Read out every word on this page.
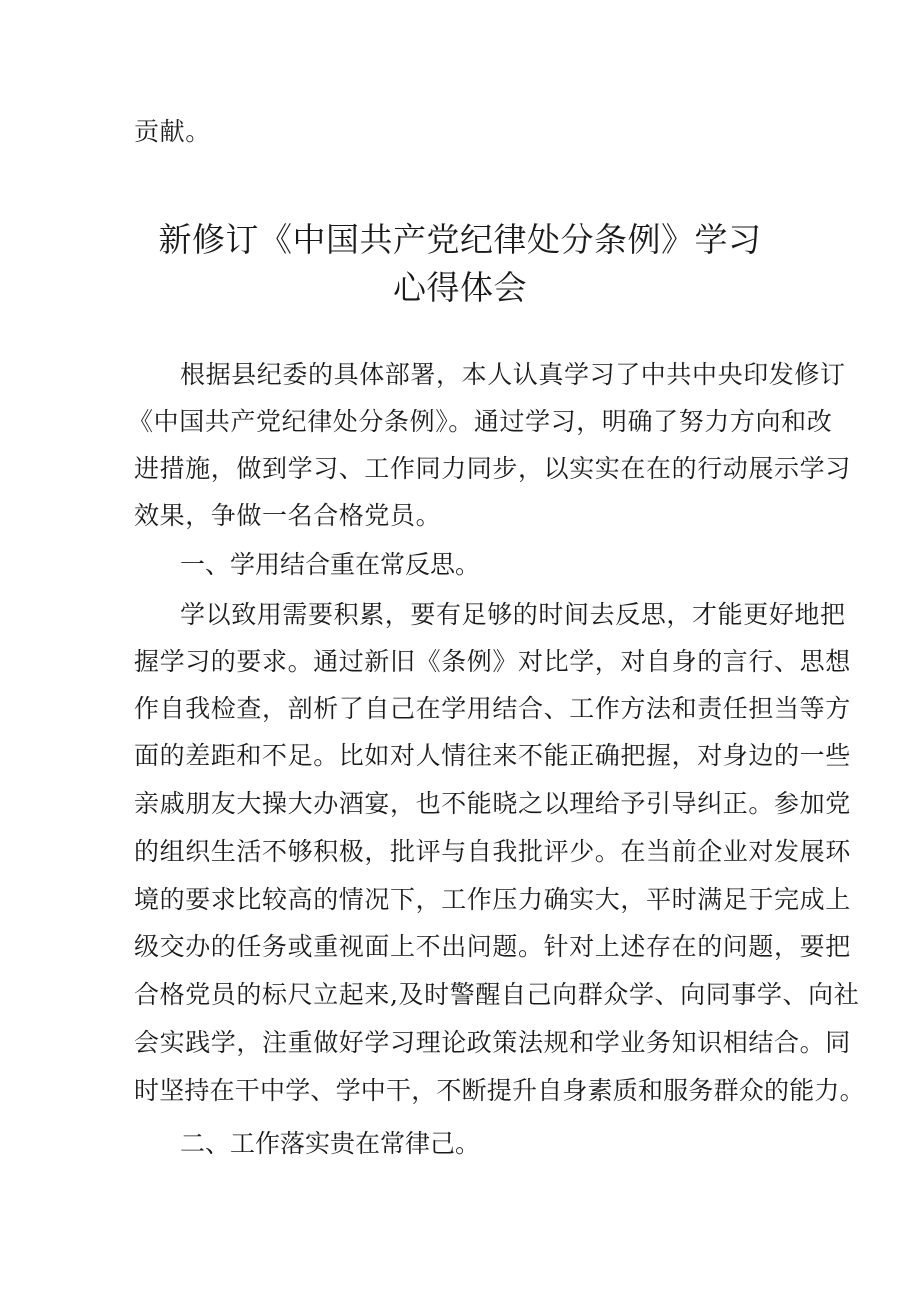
贡献。
新修订《中国共产党纪律处分条例》学习
心得体会
根据县纪委的具体部署，本人认真学习了中共中央印发修订
《中国共产党纪律处分条例》。通过学习，明确了努力方向和改
进措施，做到学习、工作同力同步，以实实在在的行动展示学习
效果，争做一名合格党员。
一、学用结合重在常反思。
学以致用需要积累，要有足够的时间去反思，才能更好地把
握学习的要求。通过新旧《条例》对比学，对自身的言行、思想
作自我检查，剖析了自己在学用结合、工作方法和责任担当等方
面的差距和不足。比如对人情往来不能正确把握，对身边的一些
亲戚朋友大操大办酒宴，也不能晓之以理给予引导纠正。参加党
的组织生活不够积极，批评与自我批评少。在当前企业对发展环
境的要求比较高的情况下，工作压力确实大，平时满足于完成上
级交办的任务或重视面上不出问题。针对上述存在的问题，要把
合格党员的标尺立起来,及时警醒自己向群众学、向同事学、向社
会实践学，注重做好学习理论政策法规和学业务知识相结合。同
时坚持在干中学、学中干，不断提升自身素质和服务群众的能力。
二、工作落实贵在常律己。
